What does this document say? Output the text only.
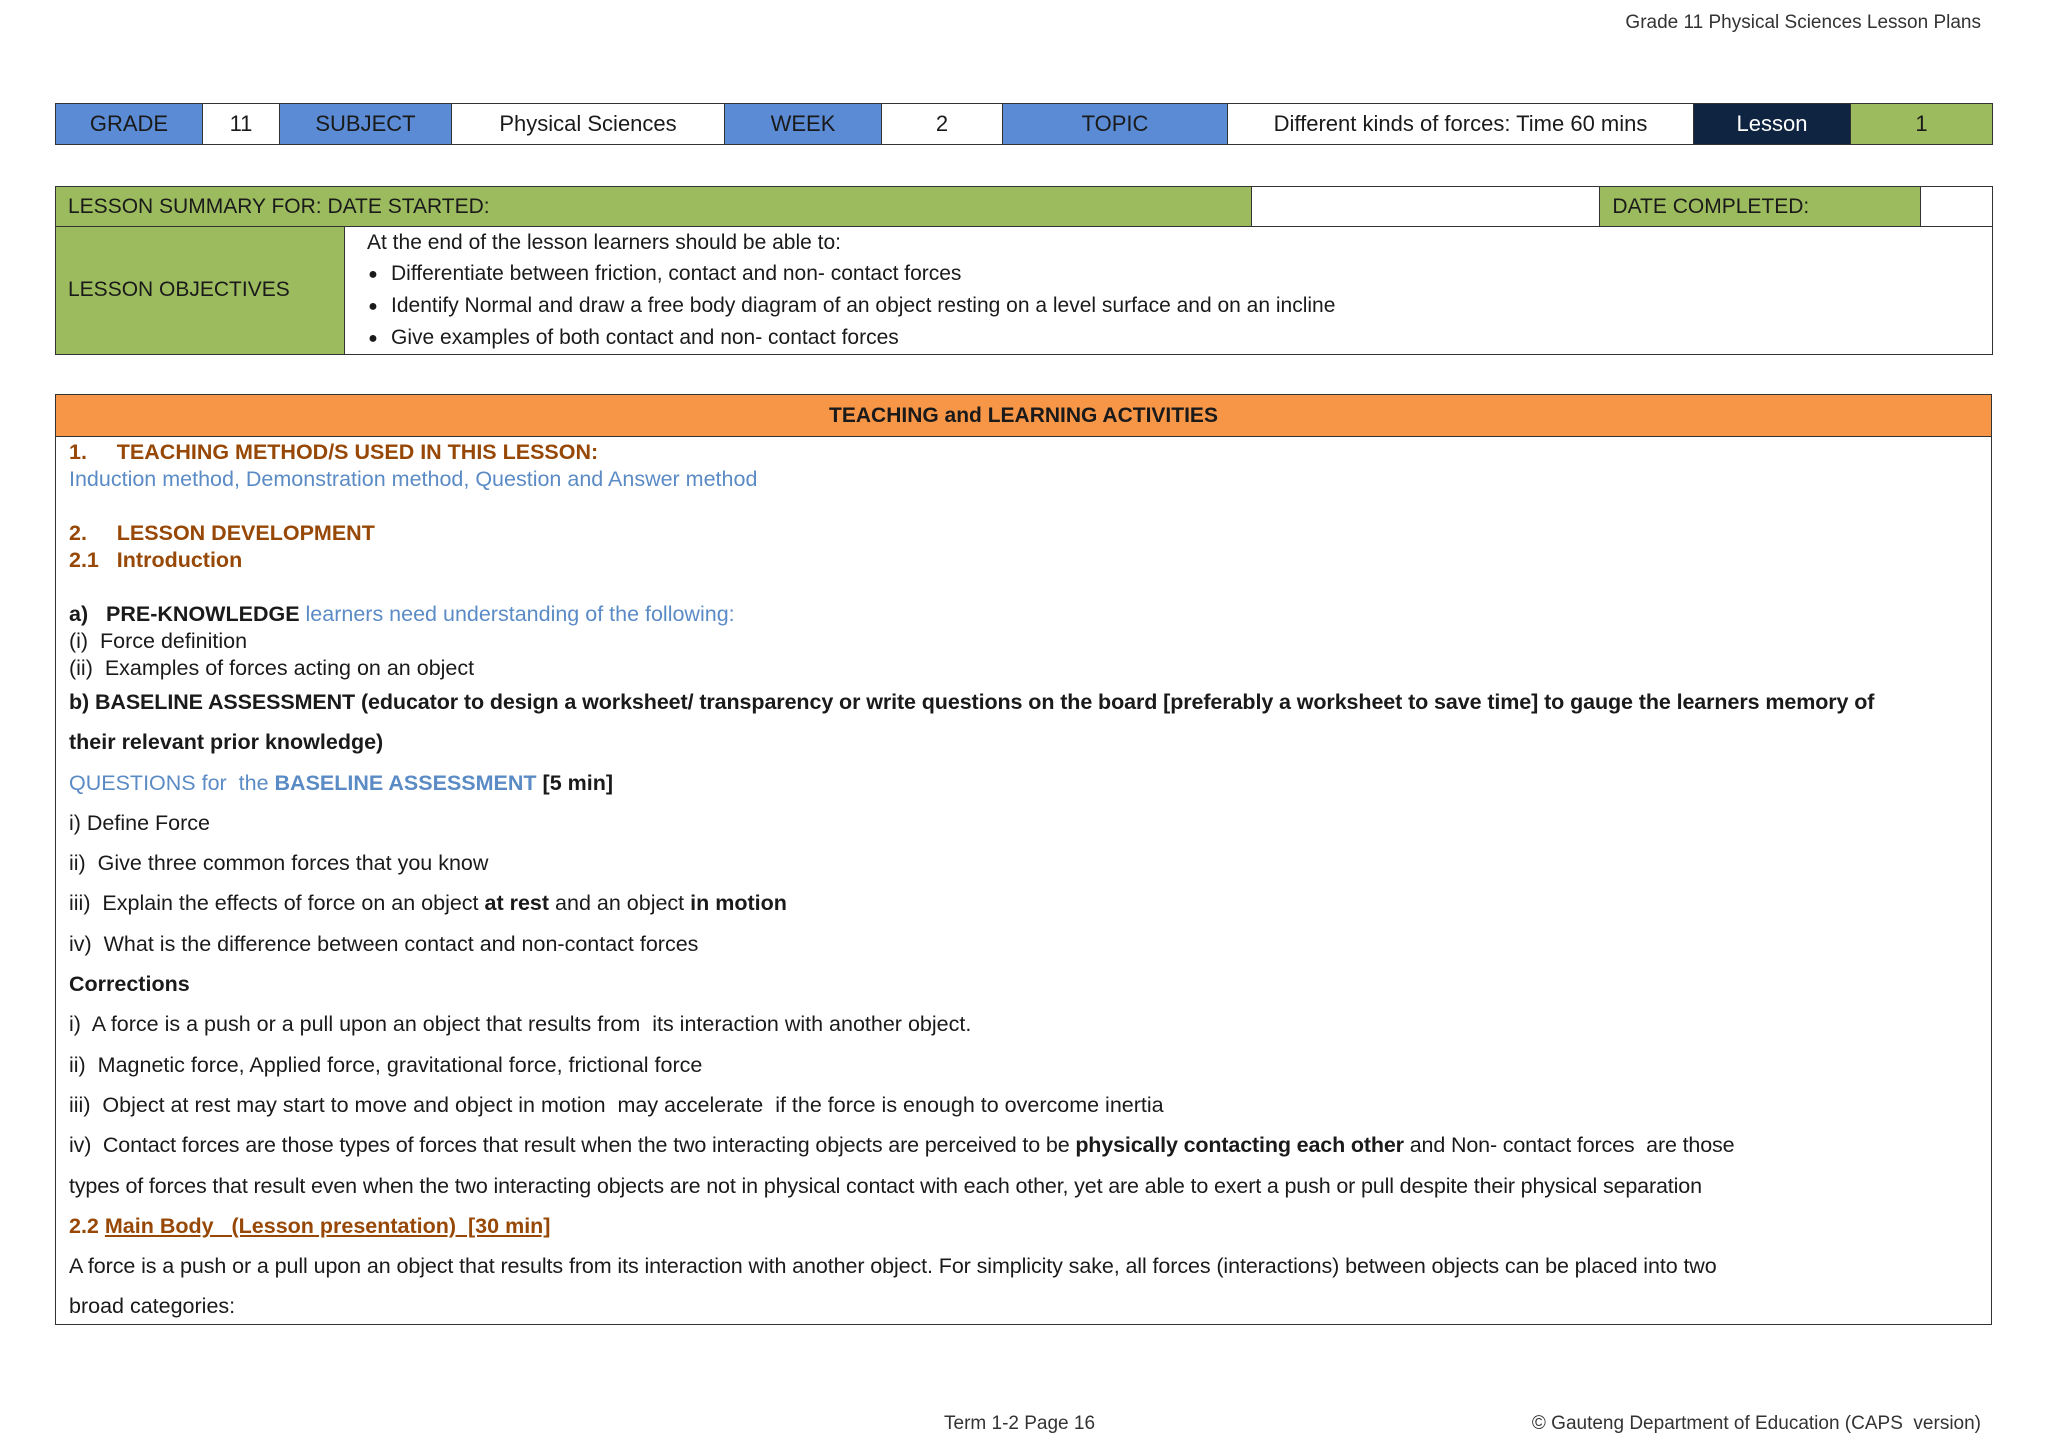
Grade 11 Physical Sciences Lesson Plans
GRADE	11	SUBJECT	Physical Sciences	WEEK	2	TOPIC	Different kinds of forces: Time 60 mins	Lesson	1
LESSON SUMMARY FOR: DATE STARTED:			DATE COMPLETED:	
LESSON OBJECTIVES	At the end of the lesson learners should be able to:
● Differentiate between friction, contact and non- contact forces
● Identify Normal and draw a free body diagram of an object resting on a level surface and on an incline
● Give examples of both contact and non- contact forces			
TEACHING and LEARNING ACTIVITIES
1.     TEACHING METHOD/S USED IN THIS LESSON:
Induction method, Demonstration method, Question and Answer method
2.     LESSON DEVELOPMENT
2.1   Introduction
a)   PRE-KNOWLEDGE learners need understanding of the following:
(i)  Force definition
(ii)  Examples of forces acting on an object
b) BASELINE ASSESSMENT (educator to design a worksheet/ transparency or write questions on the board [preferably a worksheet to save time] to gauge the learners memory of
their relevant prior knowledge)
QUESTIONS for  the BASELINE ASSESSMENT [5 min]
i) Define Force
ii)  Give three common forces that you know
iii)  Explain the effects of force on an object at rest and an object in motion
iv)  What is the difference between contact and non-contact forces
Corrections
i)  A force is a push or a pull upon an object that results from  its interaction with another object.
ii)  Magnetic force, Applied force, gravitational force, frictional force
iii)  Object at rest may start to move and object in motion  may accelerate  if the force is enough to overcome inertia
iv)  Contact forces are those types of forces that result when the two interacting objects are perceived to be physically contacting each other and Non- contact forces  are those
types of forces that result even when the two interacting objects are not in physical contact with each other, yet are able to exert a push or pull despite their physical separation
2.2 Main Body   (Lesson presentation)  [30 min]
A force is a push or a pull upon an object that results from its interaction with another object. For simplicity sake, all forces (interactions) between objects can be placed into two
broad categories:
Term 1-2 Page 16	© Gauteng Department of Education (CAPS  version)
